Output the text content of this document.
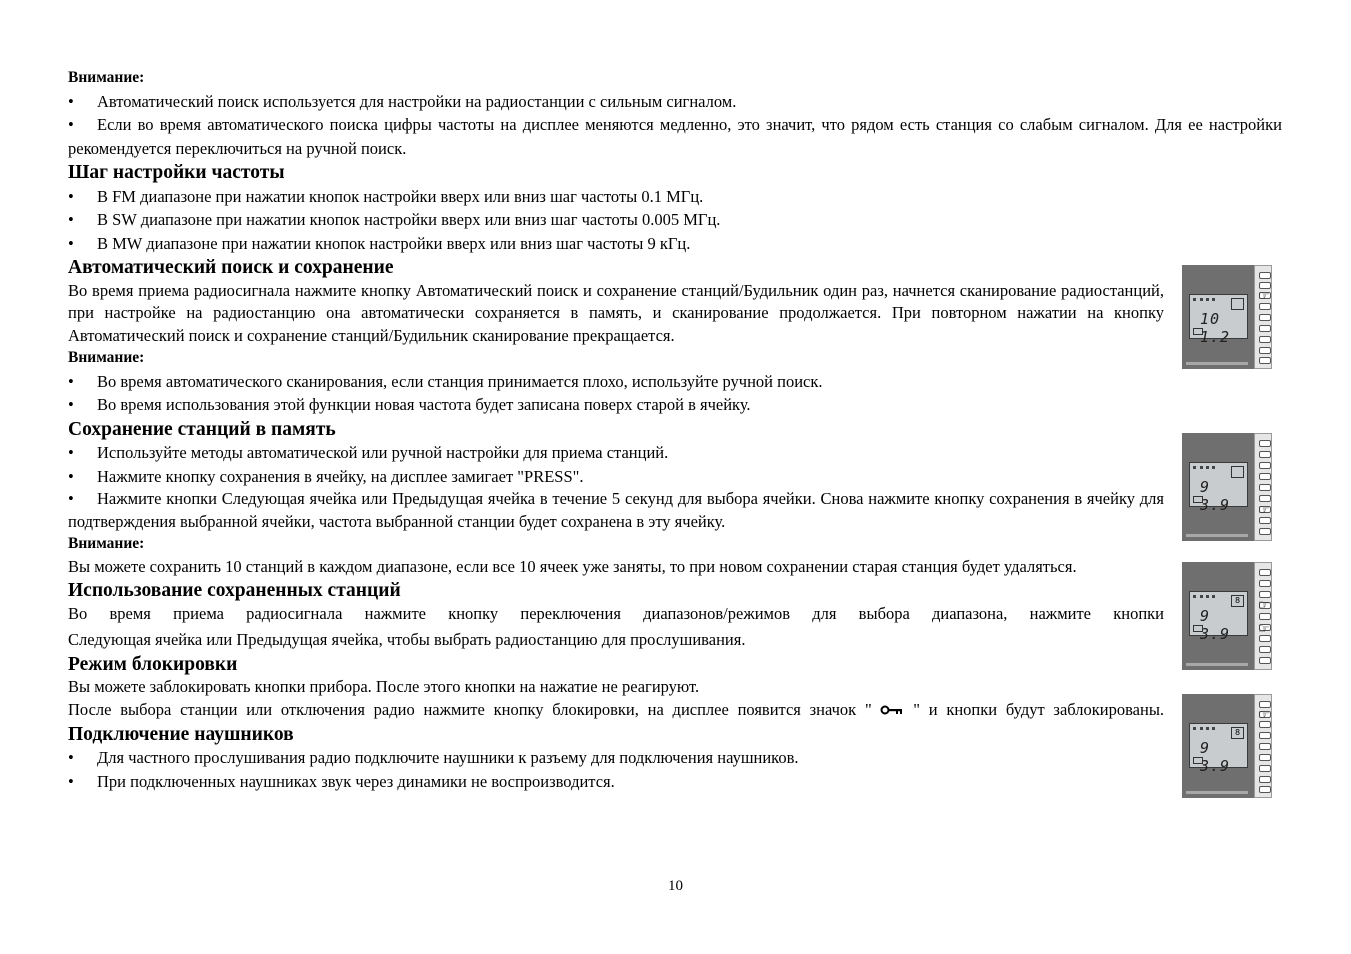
Внимание:

• Автоматический поиск используется для настройки на радиостанции с сильным сигналом.

• Если во время автоматического поиска цифры частоты на дисплее меняются медленно, это значит, что рядом есть станция со слабым сигналом. Для ее настройки рекомендуется переключиться на ручной поиск.

Шаг настройки частоты

• В FM диапазоне при нажатии кнопок настройки вверх или вниз шаг частоты 0.1 МГц.

• В SW диапазоне при нажатии кнопок настройки вверх или вниз шаг частоты 0.005 МГц.

• В MW диапазоне при нажатии кнопок настройки вверх или вниз шаг частоты 9 кГц.

Автоматический поиск и сохранение

Во время приема радиосигнала нажмите кнопку Автоматический поиск и сохранение станций/Будильник один раз, начнется сканирование радиостанций, при настройке на радиостанцию она автоматически сохраняется в память, и сканирование продолжается. При повторном нажатии на кнопку Автоматический поиск и сохранение станций/Будильник сканирование прекращается.

Внимание:

• Во время автоматического сканирования, если станция принимается плохо, используйте ручной поиск.

• Во время использования этой функции новая частота будет записана поверх старой в ячейку.

Сохранение станций в память

• Используйте методы автоматической или ручной настройки для приема станций.

• Нажмите кнопку сохранения в ячейку, на дисплее замигает "PRESS".

• Нажмите кнопки Следующая ячейка или Предыдущая ячейка в течение 5 секунд для выбора ячейки. Снова нажмите кнопку сохранения в ячейку для подтверждения выбранной ячейки, частота выбранной станции будет сохранена в эту ячейку.

Внимание:

Вы можете сохранить 10 станций в каждом диапазоне, если все 10 ячеек уже заняты, то при новом сохранении старая станция будет удаляться.

Использование сохраненных станций

Во время приема радиосигнала нажмите кнопку переключения диапазонов/режимов для выбора диапазона, нажмите кнопки

Следующая ячейка или Предыдущая ячейка, чтобы выбрать радиостанцию для прослушивания.

Режим блокировки

Вы можете заблокировать кнопки прибора. После этого кнопки на нажатие не реагируют.

После выбора станции или отключения радио нажмите кнопку блокировки, на дисплее появится значок "	" и кнопки будут заблокированы.

Подключение наушников

• Для частного прослушивания радио подключите наушники к разъему для подключения наушников.

• При подключенных наушниках звук через динамики не воспроизводится.

10 1.2
☞
9 3.9	☞
8
9 3.9
☞
☞
8
9 3.9
☞
10
